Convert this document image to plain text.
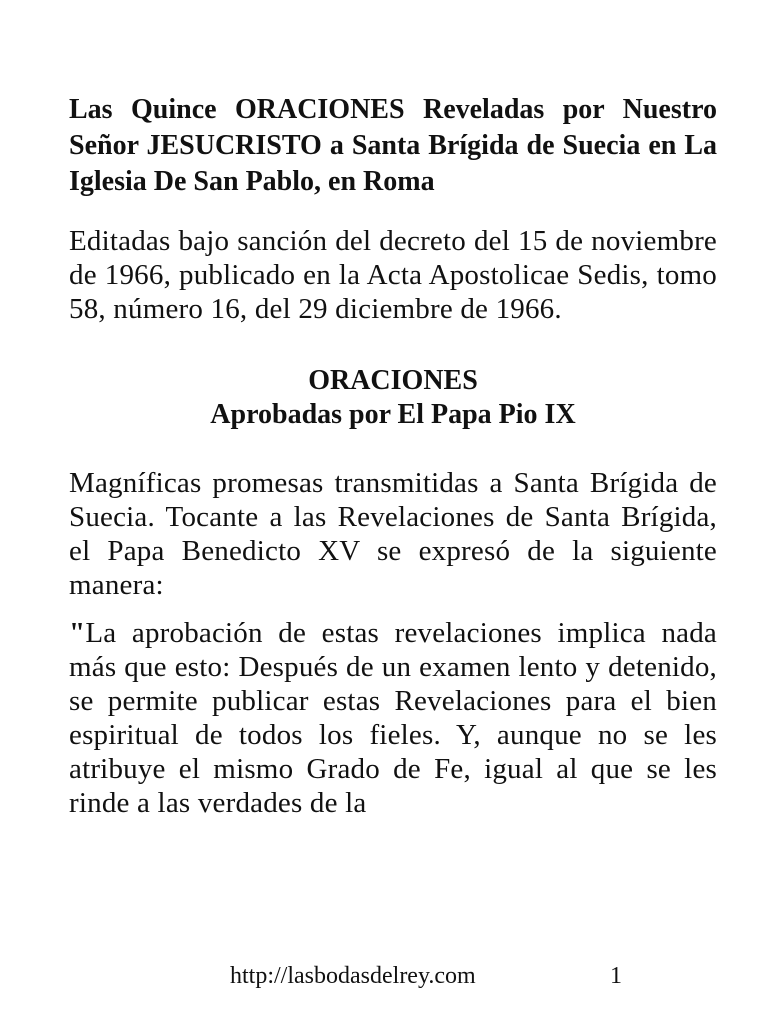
Las Quince ORACIONES Reveladas por Nuestro Señor JESUCRISTO a Santa Brígida de Suecia en La Iglesia De San Pablo, en Roma

Editadas bajo sanción del decreto del 15 de noviembre de 1966, publicado en la Acta Apostolicae Sedis, tomo 58, número 16, del 29 diciembre de 1966.

ORACIONES
Aprobadas por El Papa Pio IX

Magníficas promesas transmitidas a Santa Brígida de Suecia. Tocante a las Revelaciones de Santa Brígida, el Papa Benedicto XV se expresó de la siguiente manera:

"La aprobación de estas revelaciones implica nada más que esto: Después de un examen lento y detenido, se permite publicar estas Revelaciones para el bien espiritual de todos los fieles. Y, aunque no se les atribuye el mismo Grado de Fe, igual al que se les rinde a las verdades de la

http://lasbodasdelrey.com	1
